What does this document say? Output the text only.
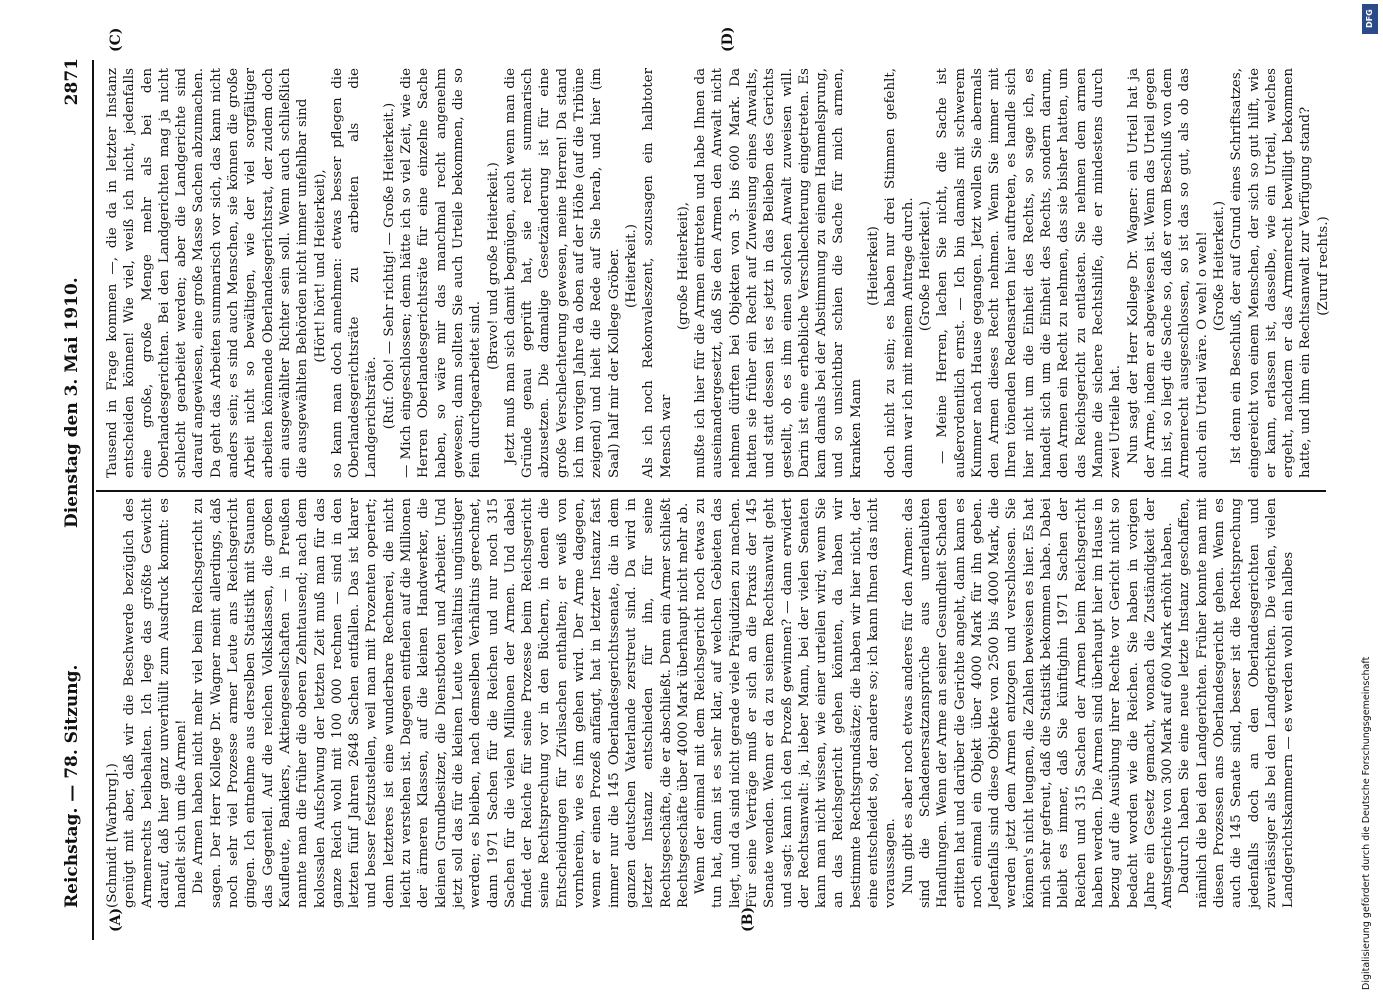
Reichstag. — 78. Sitzung.
Dienstag den 3. Mai 1910.
2871
(A)	(B)
(C)	(D)

(Schmidt [Warburg].) genügt mit aber, daß wir die Beschwerde bezüglich des Armenrechts beibehalten. Ich lege das größte Gewicht darauf, daß hier ganz unverhüllt zum Ausdruck kommt: es handelt sich um die Armen! Die Armen haben nicht mehr viel beim Reichsgericht zu sagen. Der Herr Kollege Dr. Wagner meint allerdings, daß noch sehr viel Prozesse armer Leute ans Reichsgericht gingen. Ich entnehme aus derselben Statistik mit Staunen das Gegenteil. Auf die reichen Volksklassen, die großen Kaufleute, Bankiers, Aktiengesellschaften — in Preußen nannte man die früher die oberen Zehntausend; nach dem kolossalen Aufschwung der letzten Zeit muß man für das ganze Reich wohl mit 100 000 rechnen — sind in den letzten fünf Jahren 2648 Sachen entfallen. Das ist klarer und besser festzustellen, weil man mit Prozenten operiert; denn letzteres ist eine wunderbare Rechnerei, die nicht leicht zu verstehen ist. Dagegen entfielen auf die Millionen der ärmeren Klassen, auf die kleinen Handwerker, die kleinen Grundbesitzer, die Dienstboten und Arbeiter. Und jetzt soll das für die kleinen Leute verhältnis ungünstiger werden; es bleiben, nach demselben Verhältnis gerechnet, dann 1971 Sachen für die Reichen und nur noch 315 Sachen für die vielen Millionen der Armen. Und dabei findet der Reiche für seine Prozesse beim Reichsgericht seine Rechtsprechung vor in den Büchern, in denen die Entscheidungen für Zivilsachen enthalten; er weiß von vornherein, wie es ihm gehen wird. Der Arme dagegen, wenn er einen Prozeß anfängt, hat in letzter Instanz fast immer nur die 145 Oberlandesgerichtssenate, die in dem ganzen deutschen Vaterlande zerstreut sind. Da wird in letzter Instanz entschieden für ihn, für seine Rechtsgeschäfte, die er abschließt. Denn ein Armer schließt Rechtsgeschäfte über 4000 Mark überhaupt nicht mehr ab. Wenn der einmal mit dem Reichsgericht noch etwas zu tun hat, dann ist es sehr klar, auf welchen Gebieten das liegt, und da sind nicht gerade viele Präjudizien zu machen. Für seine Verträge muß er sich an die Praxis der 145 Senate wenden. Wenn er da zu seinem Rechtsanwalt geht und sagt: kann ich den Prozeß gewinnen? — dann erwidert der Rechtsanwalt: ja, lieber Mann, bei der vielen Senaten kann man nicht wissen, wie einer urteilen wird; wenn Sie an das Reichsgericht gehen könnten, da haben wir bestimmte Rechtsgrundsätze; die haben wir hier nicht, der eine entscheidet so, der andere so; ich kann Ihnen das nicht voraussagen. Nun gibt es aber noch etwas anderes für den Armen: das sind die Schadenersatzansprüche aus unerlaubten Handlungen. Wenn der Arme an seiner Gesundheit Schaden erlitten hat und darüber die Gerichte angeht, dann kann es noch einmal ein Objekt über 4000 Mark für ihn geben. Jedenfalls sind diese Objekte von 2500 bis 4000 Mark, die werden jetzt dem Armen entzogen und verschlossen. Sie können's nicht leugnen, die Zahlen beweisen es hier. Es hat mich sehr gefreut, daß die Statistik bekommen habe. Dabei bleibt es immer, daß Sie künftighin 1971 Sachen der Reichen und 315 Sachen der Armen beim Reichsgericht haben werden. Die Armen sind überhaupt hier im Hause in bezug auf die Ausübung ihrer Rechte vor Gericht nicht so bedacht worden wie die Reichen. Sie haben in vorigen Jahre ein Gesetz gemacht, wonach die Zuständigkeit der Amtsgerichte von 300 Mark auf 600 Mark erhöht haben. Dadurch haben Sie eine neue letzte Instanz geschaffen, nämlich die bei den Landgerichten. Früher konnte man mit diesen Prozessen ans Oberlandesgericht gehen. Wenn es auch die 145 Senate sind, besser ist die Rechtsprechung jedenfalls doch an den Oberlandesgerichten und zuverlässiger als bei den Landgerichten. Die vielen, vielen Landgerichtskammern — es werden wohl ein halbes

Tausend in Frage kommen —, die da in letzter Instanz entscheiden können! Wie viel, weiß ich nicht, jedenfalls eine große, große Menge mehr als bei den Oberlandesgerichten. Bei den Landgerichten mag ja nicht schlecht gearbeitet werden; aber die Landgerichte sind darauf angewiesen, eine große Masse Sachen abzumachen. Da geht das Arbeiten summarisch vor sich, das kann nicht anders sein; es sind auch Menschen, sie können die große Arbeit nicht so bewältigen, wie der viel sorgfältiger arbeiten könnende Oberlandesgerichtsrat, der zudem doch ein ausgewählter Richter sein soll. Wenn auch schließlich die ausgewählten Behörden nicht immer unfehlbar sind (Hört! hört! und Heiterkeit), so kann man doch annehmen: etwas besser pflegen die Oberlandesgerichtsräte zu arbeiten als die Landgerichtsräte. (Ruf: Oho! — Sehr richtig! — Große Heiterkeit.) — Mich eingeschlossen; denn hätte ich so viel Zeit, wie die Herren Oberlandesgerichtsräte für eine einzelne Sache haben, so wäre mir das manchmal recht angenehm gewesen; dann sollten Sie auch Urteile bekommen, die so fein durchgearbeitet sind.

(Bravo! und große Heiterkeit.) Jetzt muß man sich damit begnügen, auch wenn man die Gründe genau geprüft hat, sie recht summarisch abzusetzen. Die damalige Gesetzänderung ist für eine große Verschlechterung gewesen, meine Herren! Da stand ich im vorigen Jahre da oben auf der Höhe (auf die Tribüne zeigend) und hielt die Rede auf Sie herab, und hier (im Saal) half mir der Kollege Gröber. (Heiterkeit.) Als ich noch Rekonvaleszent, sozusagen ein halbtoter Mensch war

(große Heiterkeit), mußte ich hier für die Armen eintreten und habe Ihnen da auseinandergesetzt, daß Sie den Armen den Anwalt nicht nehmen dürften bei Objekten von 3- bis 600 Mark. Da hatten sie früher ein Recht auf Zuweisung eines Anwalts, und statt dessen ist es jetzt in das Belieben des Gerichts gestellt, ob es ihm einen solchen Anwalt zuweisen will. Darin ist eine erhebliche Verschlechterung eingetreten. Es kam damals bei der Abstimmung zu einem Hammelsprung, und so unsichtbar schien die Sache für mich armen, kranken Mann

(Heiterkeit) doch nicht zu sein; es haben nur drei Stimmen gefehlt, dann war ich mit meinem Antrage durch. (Große Heiterkeit.) — Meine Herren, lachen Sie nicht, die Sache ist außerordentlich ernst. — Ich bin damals mit schwerem Kummer nach Hause gegangen. Jetzt wollen Sie abermals den Armen dieses Recht nehmen. Wenn Sie immer mit Ihren tönenden Redensarten hier auftreten, es handle sich hier nicht um die Einheit des Rechts, so sage ich, es handelt sich um die Einheit des Rechts, sondern darum, den Armen ein Recht zu nehmen, das sie bisher hatten, um das Reichsgericht zu entlasten. Sie nehmen dem armen Manne die sichere Rechtshilfe, die er mindestens durch zwei Urteile hat. Nun sagt der Herr Kollege Dr. Wagner: ein Urteil hat ja der Arme, indem er abgewiesen ist. Wenn das Urteil gegen ihn ist, so liegt die Sache so, daß er vom Beschluß von dem Armenrecht ausgeschlossen, so ist das so gut, als ob das auch ein Urteil wäre. O weh! o weh! (Große Heiterkeit.) Ist denn ein Beschluß, der auf Grund eines Schriftsatzes, eingereicht von einem Menschen, der sich so gut hilft, wie er kann, erlassen ist, dasselbe, wie ein Urteil, welches ergeht, nachdem er das Armenrecht bewilligt bekommen hatte, und ihm ein Rechtsanwalt zur Verfügung stand? (Zuruf rechts.)

DFG
Digitalisierung gefördert durch die Deutsche Forschungsgemeinschaft
